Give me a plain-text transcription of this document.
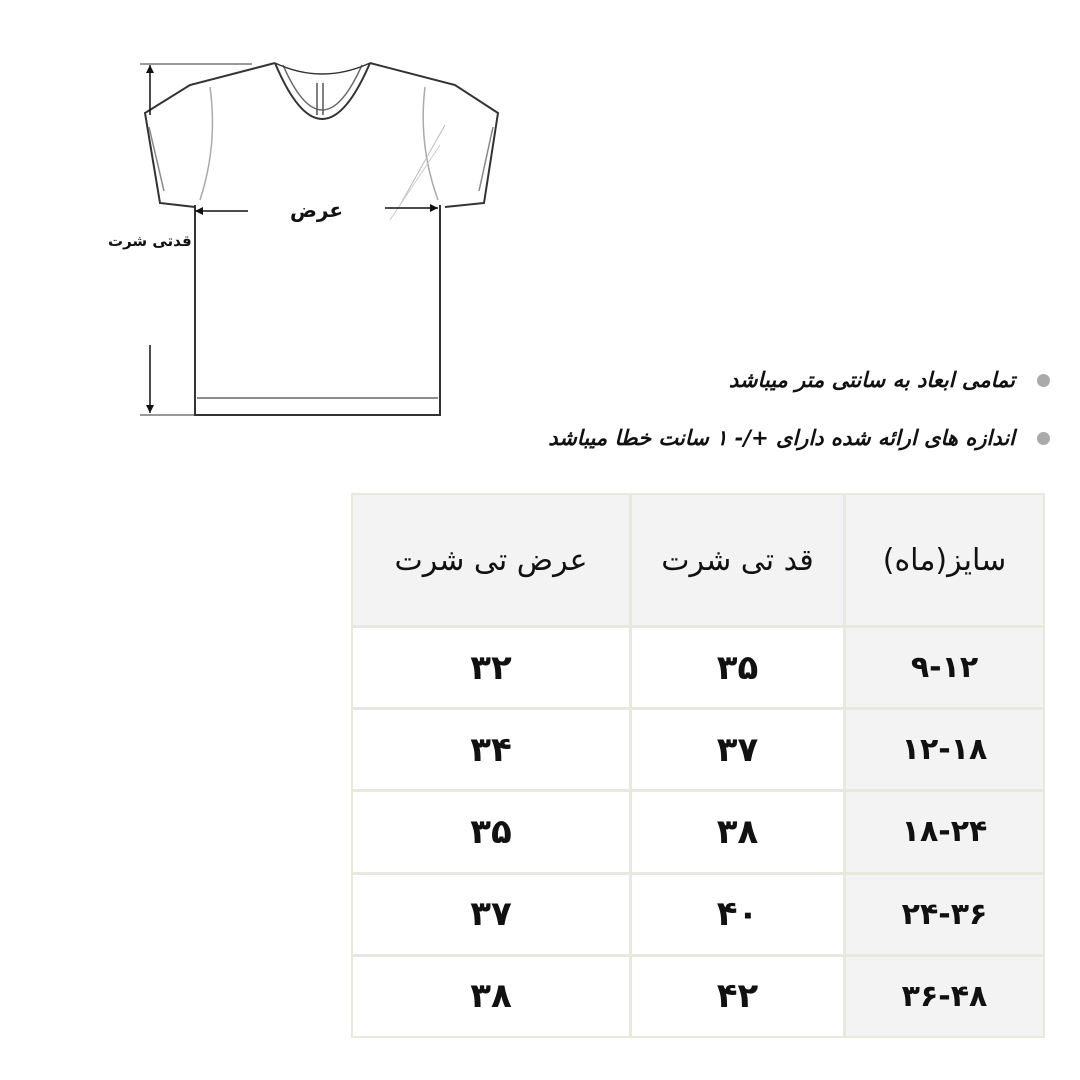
عرض
قدتی شرت
تمامی ابعاد به سانتی متر میباشد
اندازه های ارائه شده دارای +/- ۱ سانت خطا میباشد
عرض تی شرت	قد تی شرت	سایز(ماه)
۳۲	۳۵	۹-۱۲
۳۴	۳۷	۱۲-۱۸
۳۵	۳۸	۱۸-۲۴
۳۷	۴۰	۲۴-۳۶
۳۸	۴۲	۳۶-۴۸
